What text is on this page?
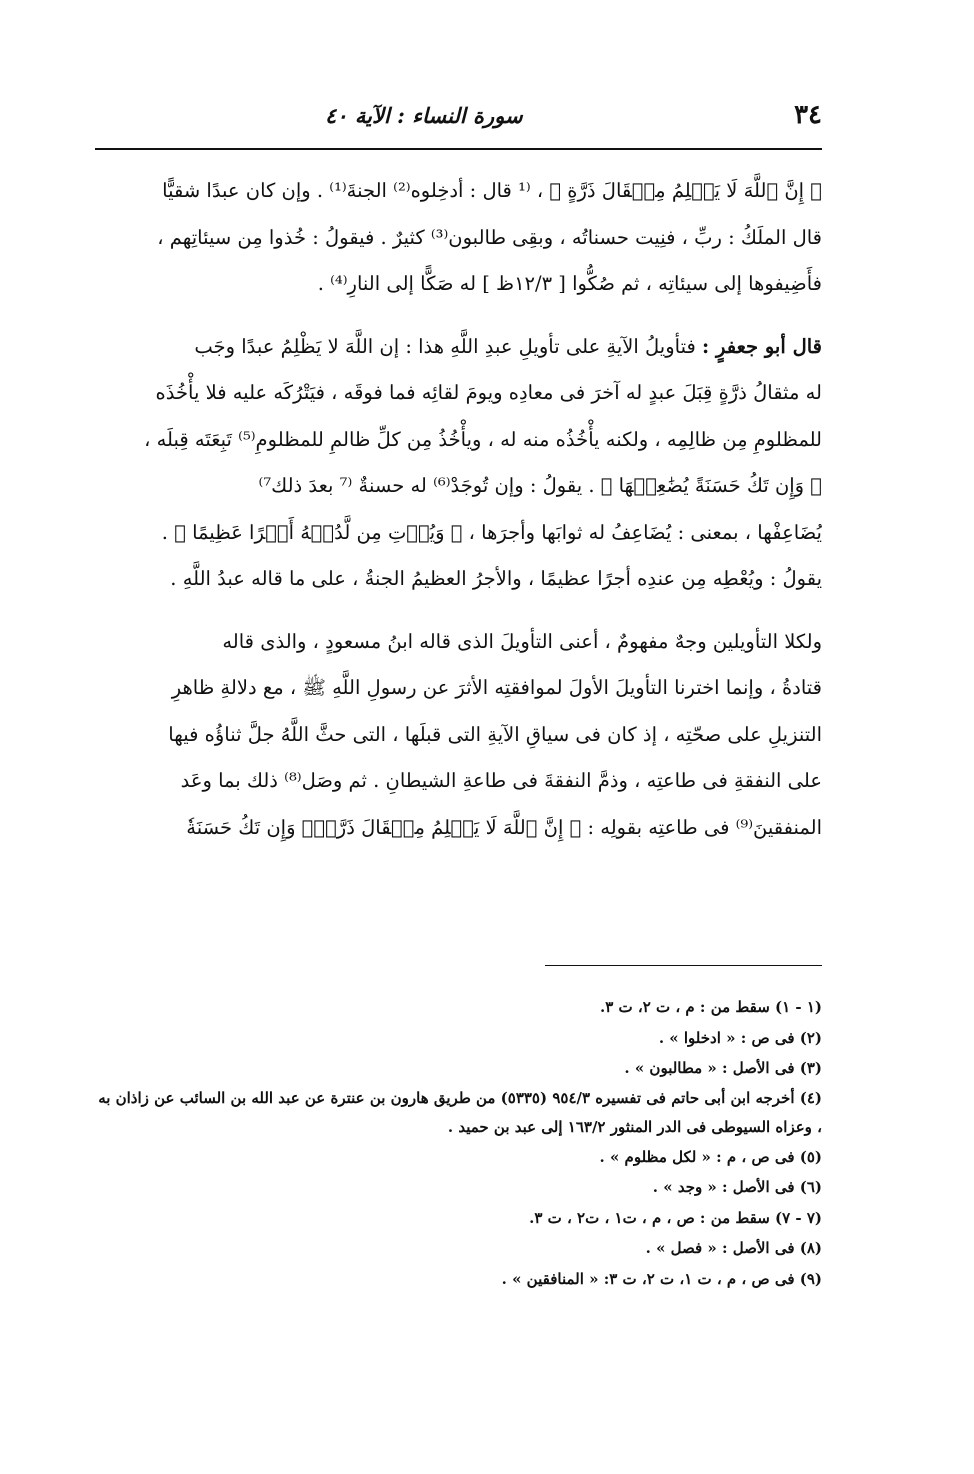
٣٤
سورة النساء : الآية ٤٠

﴿ إِنَّ ٱللَّهَ لَا يَظۡلِمُ مِثۡقَالَ ذَرَّةٍ ﴾ ، ⁽¹ قال : أدخِلوه⁽²⁾ الجنةَ⁽¹⁾ . وإن كان عبدًا شقيًّا
قال الملَكُ : ربِّ ، فنِيت حسناتُه ، وبقِى طالبون⁽³⁾ كثيرٌ . فيقولُ : خُذوا مِن سيئاتِهم ،
فأَضِيفوها إلى سيئاتِه ، ثم صُكُّوا [ ١٢/٣ظ ] له صَكًّا إلى النارِ⁽⁴⁾ .

قال أبو جعفرٍ : فتأويلُ الآيةِ على تأويلِ عبدِ اللَّهِ هذا : إن اللَّهَ لا يَظْلِمُ عبدًا وجَب
له مثقالُ ذرَّةٍ قِبَلَ عبدٍ له آخرَ فى معادِه ويومَ لقائِه فما فوقَه ، فيَتْرُكَه عليه فلا يأْخُذَه
للمظلومِ مِن ظالِمِه ، ولكنه يأْخُذُه منه له ، ويأْخُذُ مِن كلِّ ظالمِ للمظلومِ⁽⁵⁾ تَبِعَتَه قِبلَه ،
﴿ وَإِن تَكُ حَسَنَةً يُضَٰعِفۡهَا ﴾ . يقولُ : وإن تُوجَدْ⁽⁶⁾ له حسنةٌ ⁽⁷ بعدَ ذلك⁷⁾
يُضَاعِفْها ، بمعنى : يُضَاعِفُ له ثوابَها وأجرَها ، ﴿ وَيُؤۡتِ مِن لَّدُنۡهُ أَجۡرًا عَظِيمًا ﴾ .
يقولُ : ويُعْطِه مِن عندِه أجرًا عظيمًا ، والأجرُ العظيمُ الجنةُ ، على ما قاله عبدُ اللَّهِ .

ولكلا التأويلين وجهٌ مفهومٌ ، أعنى التأويلَ الذى قاله ابنُ مسعودٍ ، والذى قاله
قتادةُ ، وإنما اخترنا التأويلَ الأولَ لموافقتِه الأثرَ عن رسولِ اللَّهِ ﷺ ، مع دلالةِ ظاهرِ
التنزيلِ على صحّتِه ، إذ كان فى سياقِ الآيةِ التى قبلَها ، التى حثَّ اللَّهُ جلَّ ثناؤُه فيها
على النفقةِ فى طاعتِه ، وذمَّ النفقةَ فى طاعةِ الشيطانِ . ثم وصَل⁽⁸⁾ ذلك بما وعَد
المنفقينَ⁽⁹⁾ فى طاعتِه بقولِه : ﴿ إِنَّ ٱللَّهَ لَا يَظۡلِمُ مِثۡقَالَ ذَرَّةٖۖ وَإِن تَكُ حَسَنَةٗ

(١ - ١) سقط من : م ، ت ٢، ت ٣.
(٢) فى ص : « ادخلوا » .
(٣) فى الأصل : « مطالبون » .
(٤) أخرجه ابن أبى حاتم فى تفسيره ٩٥٤/٣ (٥٣٣٥) من طريق هارون بن عنترة عن عبد الله بن السائب عن زاذان به ، وعزاه السيوطى فى الدر المنثور ١٦٣/٢ إلى عبد بن حميد .
(٥) فى ص ، م : « لكل مظلوم » .
(٦) فى الأصل : « وجد » .
(٧ - ٧) سقط من : ص ، م ، ت١ ، ت٢ ، ت ٣.
(٨) فى الأصل : « فصل » .
(٩) فى ص ، م ، ت ١، ت ٢، ت ٣: « المنافقين » .
